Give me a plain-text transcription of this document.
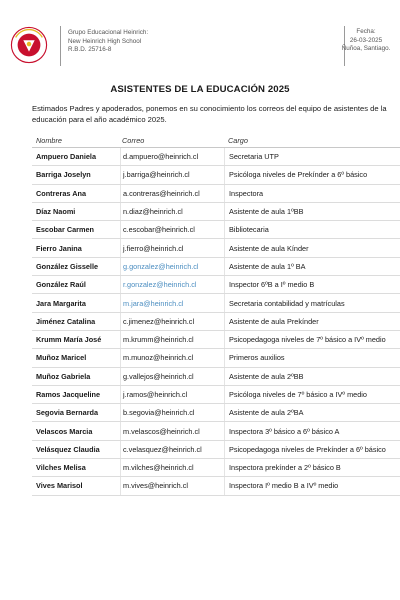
Grupo Educacional Heinrich:
New Heinrich High School
R.B.D. 25716-8
Fecha:
26-03-2025
Ñuñoa, Santiago.
ASISTENTES DE LA EDUCACIÓN 2025
Estimados Padres y apoderados, ponemos en su conocimiento los correos del equipo de asistentes de la educación para el año académico 2025.
Nombre	Correo	Cargo
Ampuero Daniela	d.ampuero@heinrich.cl	Secretaria UTP
Barriga Joselyn	j.barriga@heinrich.cl	Psicóloga niveles de Prekínder a 6º básico
Contreras Ana	a.contreras@heinrich.cl	Inspectora
Díaz Naomi	n.diaz@heinrich.cl	Asistente de aula 1ºBB
Escobar Carmen	c.escobar@heinrich.cl	Bibliotecaria
Fierro Janina	j.fierro@heinrich.cl	Asistente de aula Kínder
González Gisselle	g.gonzalez@heinrich.cl	Asistente de aula 1º BA
González Raúl	r.gonzalez@heinrich.cl	Inspector 6ºB a Iº medio B
Jara Margarita	m.jara@heinrich.cl	Secretaria contabilidad y matrículas
Jiménez Catalina	c.jimenez@heinrich.cl	Asistente de aula Prekínder
Krumm María José	m.krumm@heinrich.cl	Psicopedagoga niveles de 7º básico a IVº medio
Muñoz Maricel	m.munoz@heinrich.cl	Primeros auxilios
Muñoz Gabriela	g.vallejos@heinrich.cl	Asistente de aula 2ºBB
Ramos Jacqueline	j.ramos@heinrich.cl	Psicóloga niveles de 7º básico a IVº medio
Segovia Bernarda	b.segovia@heinrich.cl	Asistente de aula 2ºBA
Velascos Marcia	m.velascos@heinrich.cl	Inspectora 3º básico a 6º básico A
Velásquez Claudia	c.velasquez@heinrich.cl	Psicopedagoga niveles de Prekínder a 6º básico
Vilches Melisa	m.vilches@heinrich.cl	Inspectora prekínder a 2º básico B
Vives Marisol	m.vives@heinrich.cl	Inspectora Iº medio B a IVº medio
